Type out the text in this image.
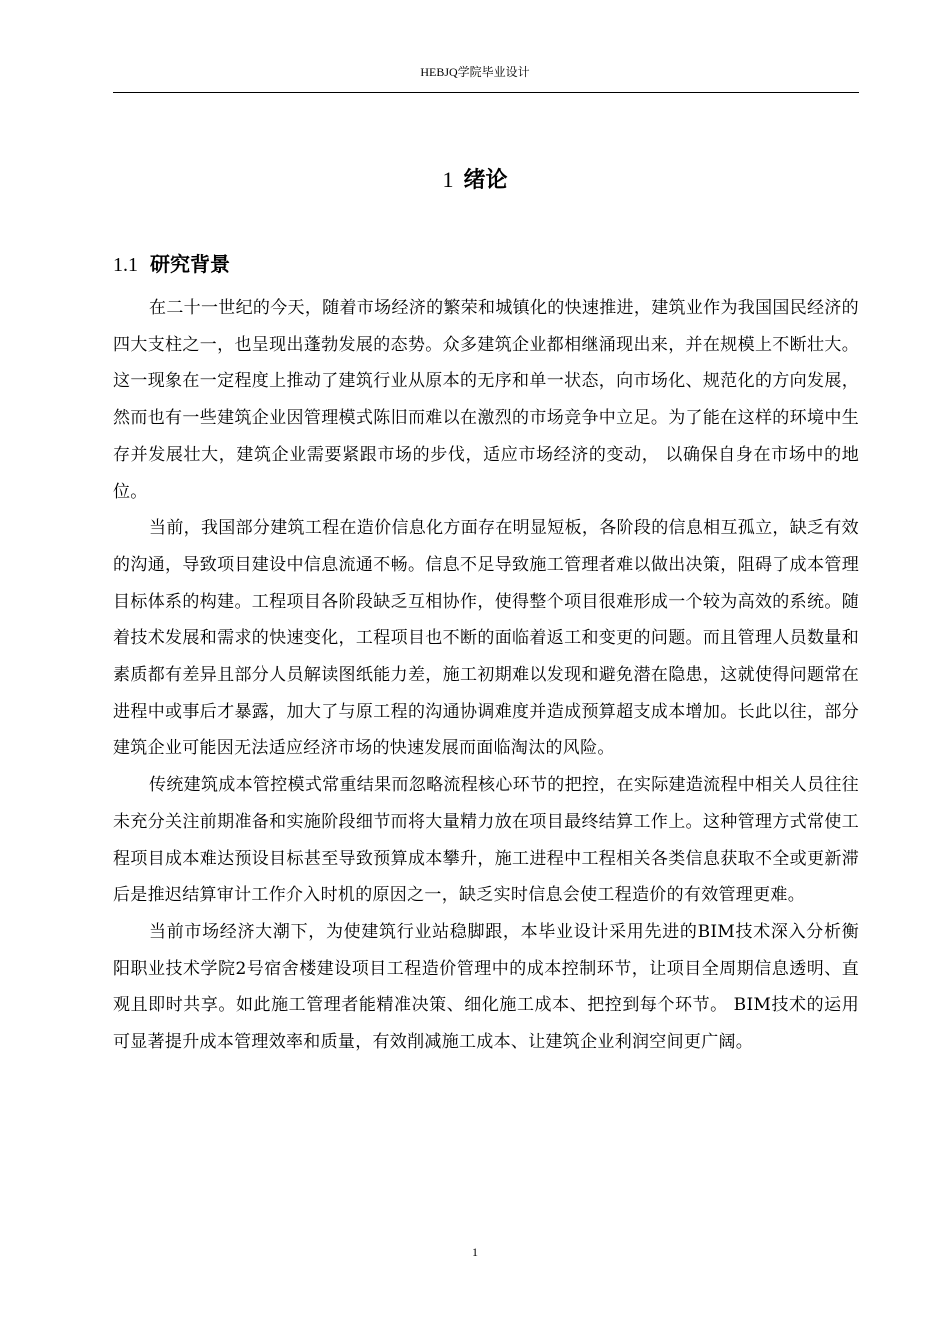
HEBJQ学院毕业设计
1 绪论
1.1 研究背景

在二十一世纪的今天，随着市场经济的繁荣和城镇化的快速推进，建筑业作为我国国民经济的四大支柱之一，也呈现出蓬勃发展的态势。众多建筑企业都相继涌现出来，并在规模上不断壮大。这一现象在一定程度上推动了建筑行业从原本的无序和单一状态，向市场化、规范化的方向发展，然而也有一些建筑企业因管理模式陈旧而难以在激烈的市场竞争中立足。为了能在这样的环境中生存并发展壮大，建筑企业需要紧跟市场的步伐，适应市场经济的变动， 以确保自身在市场中的地位。

当前，我国部分建筑工程在造价信息化方面存在明显短板，各阶段的信息相互孤立，缺乏有效的沟通，导致项目建设中信息流通不畅。信息不足导致施工管理者难以做出决策，阻碍了成本管理目标体系的构建。工程项目各阶段缺乏互相协作，使得整个项目很难形成一个较为高效的系统。随着技术发展和需求的快速变化，工程项目也不断的面临着返工和变更的问题。而且管理人员数量和素质都有差异且部分人员解读图纸能力差，施工初期难以发现和避免潜在隐患，这就使得问题常在进程中或事后才暴露，加大了与原工程的沟通协调难度并造成预算超支成本增加。长此以往，部分建筑企业可能因无法适应经济市场的快速发展而面临淘汰的风险。

传统建筑成本管控模式常重结果而忽略流程核心环节的把控，在实际建造流程中相关人员往往未充分关注前期准备和实施阶段细节而将大量精力放在项目最终结算工作上。这种管理方式常使工程项目成本难达预设目标甚至导致预算成本攀升，施工进程中工程相关各类信息获取不全或更新滞后是推迟结算审计工作介入时机的原因之一，缺乏实时信息会使工程造价的有效管理更难。

当前市场经济大潮下，为使建筑行业站稳脚跟，本毕业设计采用先进的BIM技术深入分析衡阳职业技术学院2号宿舍楼建设项目工程造价管理中的成本控制环节，让项目全周期信息透明、直观且即时共享。如此施工管理者能精准决策、细化施工成本、把控到每个环节。 BIM技术的运用可显著提升成本管理效率和质量，有效削减施工成本、让建筑企业利润空间更广阔。

1
